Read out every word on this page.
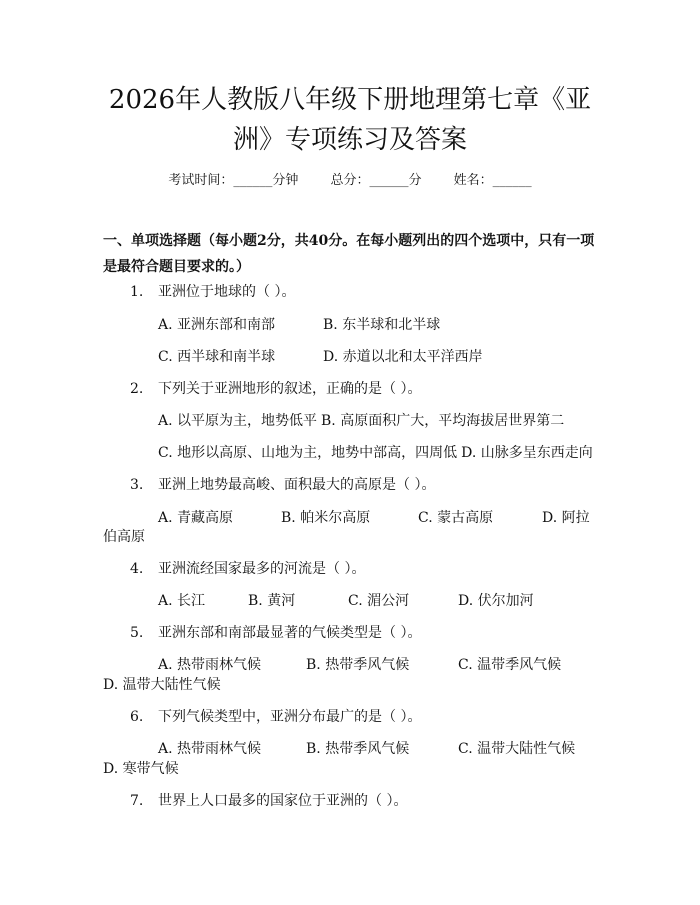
2026年人教版八年级下册地理第七章《亚
洲》专项练习及答案
考试时间：______分钟 总分：______分 姓名：______

一、单项选择题（每小题2分，共40分。在每小题列出的四个选项中，只有一项是最符合题目要求的。）

1. 亚洲位于地球的（ ）。
A. 亚洲东部和南部	B. 东半球和北半球
C. 西半球和南半球	D. 赤道以北和太平洋西岸
2. 下列关于亚洲地形的叙述，正确的是（ ）。
A. 以平原为主，地势低平 B. 高原面积广大，平均海拔居世界第二
C. 地形以高原、山地为主，地势中部高，四周低 D. 山脉多呈东西走向
3. 亚洲上地势最高峻、面积最大的高原是（ ）。
A. 青藏高原	B. 帕米尔高原	C. 蒙古高原	D. 阿拉
伯高原
4. 亚洲流经国家最多的河流是（ ）。
A. 长江	B. 黄河	C. 湄公河	D. 伏尔加河
5. 亚洲东部和南部最显著的气候类型是（ ）。
A. 热带雨林气候	B. 热带季风气候	C. 温带季风气候
D. 温带大陆性气候
6. 下列气候类型中，亚洲分布最广的是（ ）。
A. 热带雨林气候	B. 热带季风气候	C. 温带大陆性气候
D. 寒带气候
7. 世界上人口最多的国家位于亚洲的（ ）。
